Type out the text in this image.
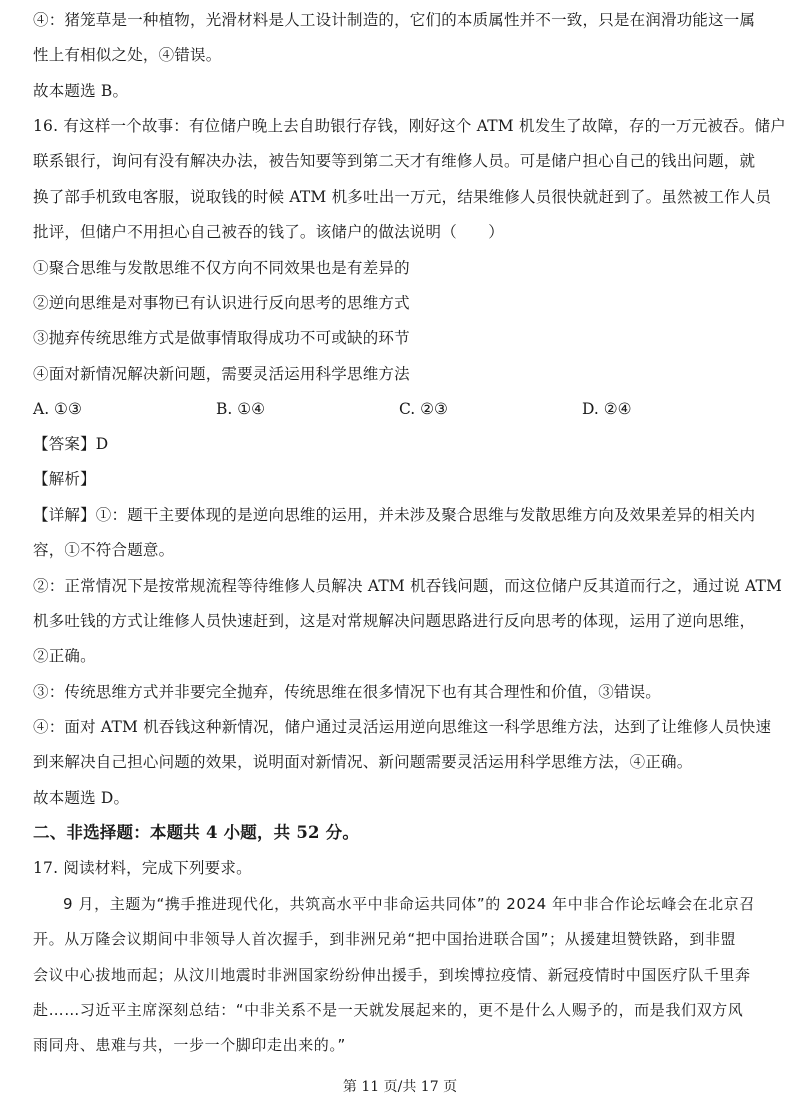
④：猪笼草是一种植物，光滑材料是人工设计制造的，它们的本质属性并不一致，只是在润滑功能这一属
性上有相似之处，④错误。
故本题选 B。
16. 有这样一个故事：有位储户晚上去自助银行存钱，刚好这个 ATM 机发生了故障，存的一万元被吞。储户
联系银行，询问有没有解决办法，被告知要等到第二天才有维修人员。可是储户担心自己的钱出问题，就
换了部手机致电客服，说取钱的时候 ATM 机多吐出一万元，结果维修人员很快就赶到了。虽然被工作人员
批评，但储户不用担心自己被吞的钱了。该储户的做法说明（　　）
①聚合思维与发散思维不仅方向不同效果也是有差异的
②逆向思维是对事物已有认识进行反向思考的思维方式
③抛弃传统思维方式是做事情取得成功不可或缺的环节
④面对新情况解决新问题，需要灵活运用科学思维方法
A. ①③	B. ①④	C. ②③	D. ②④
【答案】D
【解析】
【详解】①：题干主要体现的是逆向思维的运用，并未涉及聚合思维与发散思维方向及效果差异的相关内
容，①不符合题意。
②：正常情况下是按常规流程等待维修人员解决 ATM 机吞钱问题，而这位储户反其道而行之，通过说 ATM
机多吐钱的方式让维修人员快速赶到，这是对常规解决问题思路进行反向思考的体现，运用了逆向思维，
②正确。
③：传统思维方式并非要完全抛弃，传统思维在很多情况下也有其合理性和价值，③错误。
④：面对 ATM 机吞钱这种新情况，储户通过灵活运用逆向思维这一科学思维方法，达到了让维修人员快速
到来解决自己担心问题的效果，说明面对新情况、新问题需要灵活运用科学思维方法，④正确。
故本题选 D。
二、非选择题：本题共 4 小题，共 52 分。
17. 阅读材料，完成下列要求。
9 月，主题为“携手推进现代化，共筑高水平中非命运共同体”的 2024 年中非合作论坛峰会在北京召
开。从万隆会议期间中非领导人首次握手，到非洲兄弟“把中国抬进联合国”；从援建坦赞铁路，到非盟
会议中心拔地而起；从汶川地震时非洲国家纷纷伸出援手，到埃博拉疫情、新冠疫情时中国医疗队千里奔
赴……习近平主席深刻总结：“中非关系不是一天就发展起来的，更不是什么人赐予的，而是我们双方风
雨同舟、患难与共，一步一个脚印走出来的。”
第 11 页/共 17 页
